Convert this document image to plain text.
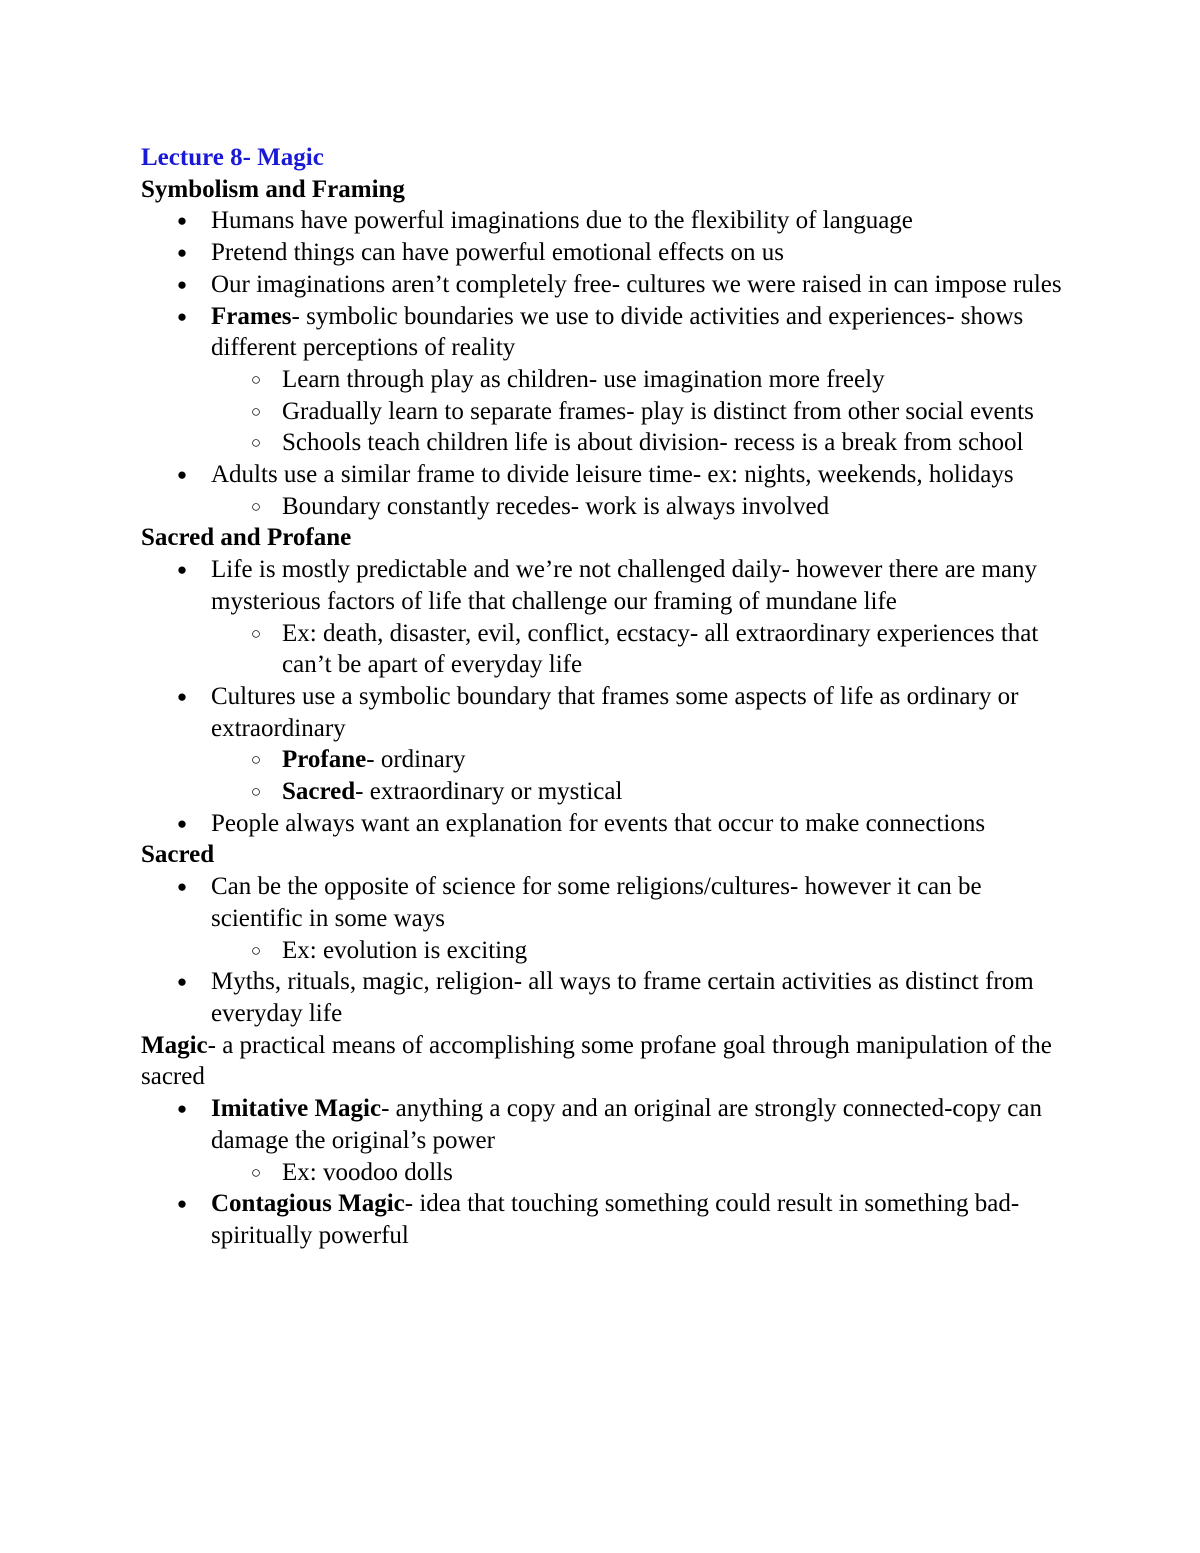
Lecture 8- Magic
Symbolism and Framing
● Humans have powerful imaginations due to the flexibility of language
● Pretend things can have powerful emotional effects on us
● Our imaginations aren’t completely free- cultures we were raised in can impose rules
● Frames- symbolic boundaries we use to divide activities and experiences- shows different perceptions of reality
○ Learn through play as children- use imagination more freely
○ Gradually learn to separate frames- play is distinct from other social events
○ Schools teach children life is about division- recess is a break from school
● Adults use a similar frame to divide leisure time- ex: nights, weekends, holidays
○ Boundary constantly recedes- work is always involved
Sacred and Profane
● Life is mostly predictable and we’re not challenged daily- however there are many mysterious factors of life that challenge our framing of mundane life
○ Ex: death, disaster, evil, conflict, ecstacy- all extraordinary experiences that can’t be apart of everyday life
● Cultures use a symbolic boundary that frames some aspects of life as ordinary or extraordinary
○ Profane- ordinary
○ Sacred- extraordinary or mystical
● People always want an explanation for events that occur to make connections
Sacred
● Can be the opposite of science for some religions/cultures- however it can be scientific in some ways
○ Ex: evolution is exciting
● Myths, rituals, magic, religion- all ways to frame certain activities as distinct from everyday life
Magic- a practical means of accomplishing some profane goal through manipulation of the sacred
● Imitative Magic- anything a copy and an original are strongly connected-copy can damage the original’s power
○ Ex: voodoo dolls
● Contagious Magic- idea that touching something could result in something bad- spiritually powerful
